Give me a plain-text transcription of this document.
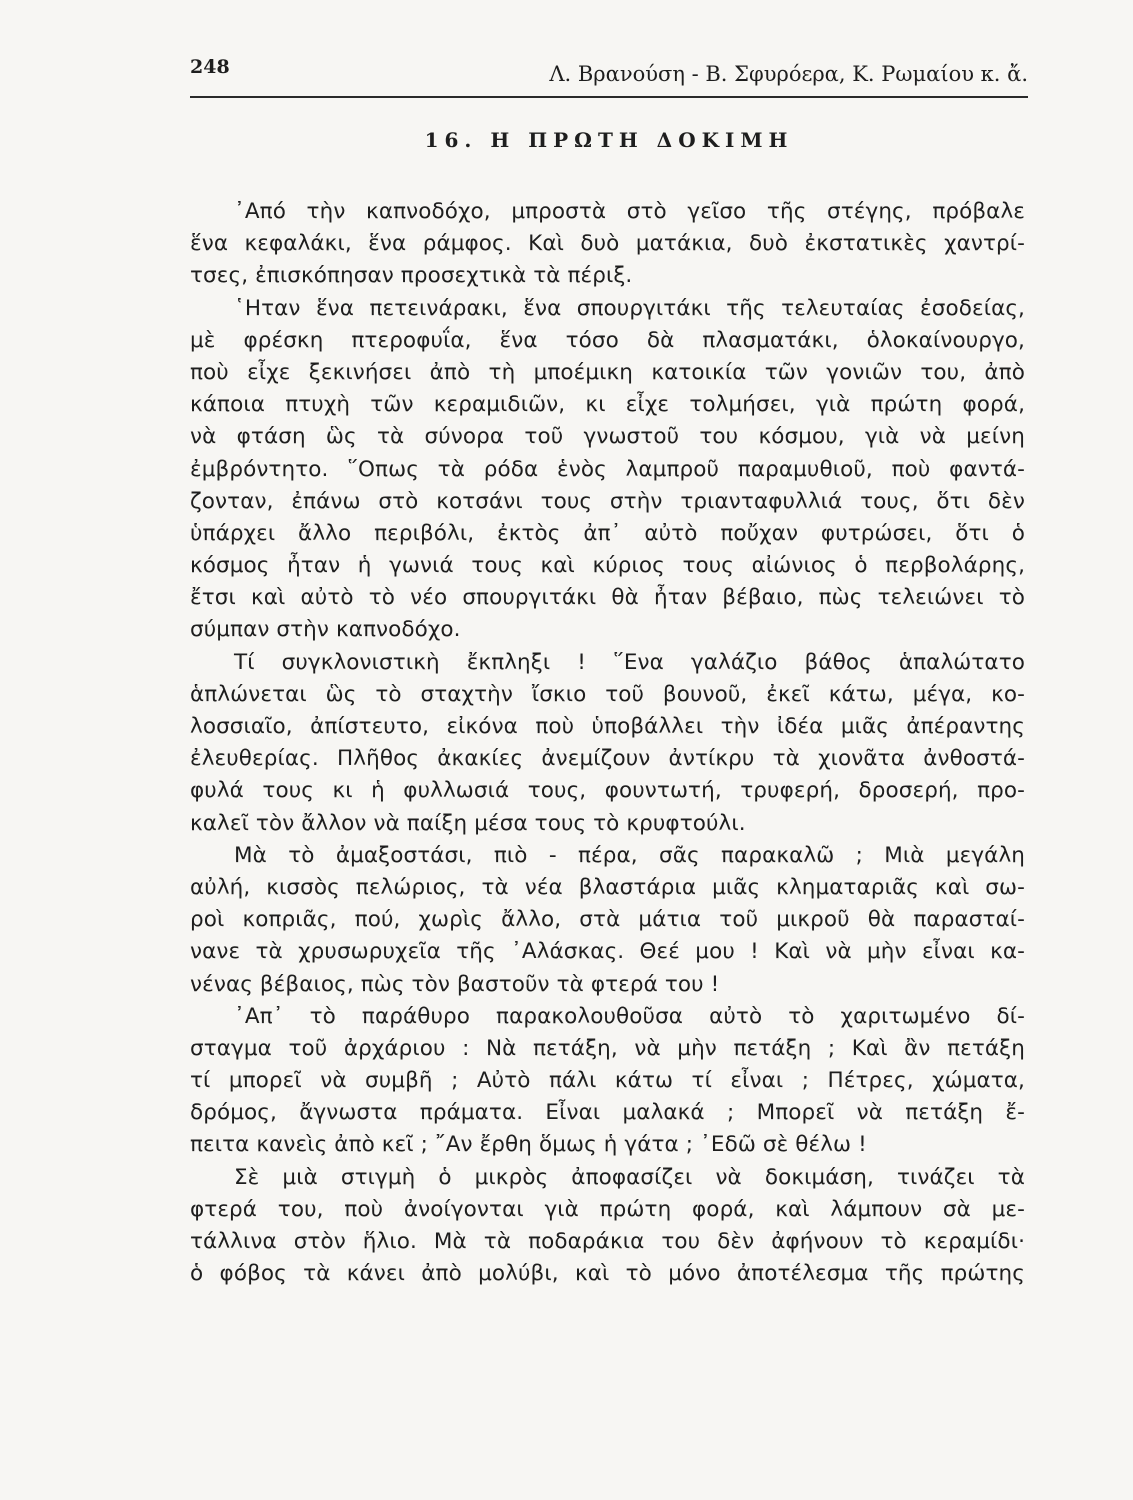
248	Λ. Βρανούση - Β. Σφυρόερα, Κ. Ρωμαίου κ. ἄ.
16. Η ΠΡΩΤΗ ΔΟΚΙΜΗ
᾿Από τὴν καπνοδόχο, μπροστὰ στὸ γεῖσο τῆς στέγης, πρόβαλε
ἕνα κεφαλάκι, ἕνα ράμφος. Καὶ δυὸ ματάκια, δυὸ ἐκστατικὲς χαντρί-
τσες, ἐπισκόπησαν προσεχτικὰ τὰ πέριξ.
῾Ηταν ἕνα πετεινάρακι, ἕνα σπουργιτάκι τῆς τελευταίας ἐσοδείας,
μὲ φρέσκη πτεροφυΐα, ἕνα τόσο δὰ πλασματάκι, ὁλοκαίνουργο,
ποὺ εἶχε ξεκινήσει ἀπὸ τὴ μποέμικη κατοικία τῶν γονιῶν του, ἀπὸ
κάποια πτυχὴ τῶν κεραμιδιῶν, κι εἶχε τολμήσει, γιὰ πρώτη φορά,
νὰ φτάση ὣς τὰ σύνορα τοῦ γνωστοῦ του κόσμου, γιὰ νὰ μείνη
ἐμβρόντητο. ῞Οπως τὰ ρόδα ἑνὸς λαμπροῦ παραμυθιοῦ, ποὺ φαντά-
ζονταν, ἐπάνω στὸ κοτσάνι τους στὴν τριανταφυλλιά τους, ὅτι δὲν
ὑπάρχει ἄλλο περιβόλι, ἐκτὸς ἀπ᾿ αὐτὸ ποὔχαν φυτρώσει, ὅτι ὁ
κόσμος ἦταν ἡ γωνιά τους καὶ κύριος τους αἰώνιος ὁ περβολάρης,
ἔτσι καὶ αὐτὸ τὸ νέο σπουργιτάκι θὰ ἦταν βέβαιο, πὼς τελειώνει τὸ
σύμπαν στὴν καπνοδόχο.
Τί συγκλονιστικὴ ἔκπληξι ! ῞Ενα γαλάζιο βάθος ἁπαλώτατο
ἁπλώνεται ὣς τὸ σταχτὴν ἴσκιο τοῦ βουνοῦ, ἐκεῖ κάτω, μέγα, κο-
λοσσιαῖο, ἀπίστευτο, εἰκόνα ποὺ ὑποβάλλει τὴν ἰδέα μιᾶς ἀπέραντης
ἐλευθερίας. Πλῆθος ἀκακίες ἀνεμίζουν ἀντίκρυ τὰ χιονᾶτα ἀνθοστά-
φυλά τους κι ἡ φυλλωσιά τους, φουντωτή, τρυφερή, δροσερή, προ-
καλεῖ τὸν ἄλλον νὰ παίξη μέσα τους τὸ κρυφτούλι.
Μὰ τὸ ἀμαξοστάσι, πιὸ - πέρα, σᾶς παρακαλῶ ; Μιὰ μεγάλη
αὐλή, κισσὸς πελώριος, τὰ νέα βλαστάρια μιᾶς κληματαριᾶς καὶ σω-
ροὶ κοπριᾶς, πού, χωρὶς ἄλλο, στὰ μάτια τοῦ μικροῦ θὰ παρασταί-
νανε τὰ χρυσωρυχεῖα τῆς ᾿Αλάσκας. Θεέ μου ! Καὶ νὰ μὴν εἶναι κα-
νένας βέβαιος, πὼς τὸν βαστοῦν τὰ φτερά του !
᾿Απ᾿ τὸ παράθυρο παρακολουθοῦσα αὐτὸ τὸ χαριτωμένο δί-
σταγμα τοῦ ἀρχάριου : Νὰ πετάξη, νὰ μὴν πετάξη ; Καὶ ἂν πετάξη
τί μπορεῖ νὰ συμβῆ ; Αὐτὸ πάλι κάτω τί εἶναι ; Πέτρες, χώματα,
δρόμος, ἄγνωστα πράματα. Εἶναι μαλακά ; Μπορεῖ νὰ πετάξη ἔ-
πειτα κανεὶς ἀπὸ κεῖ ; ῎Αν ἔρθη ὅμως ἡ γάτα ; ᾿Εδῶ σὲ θέλω !
Σὲ μιὰ στιγμὴ ὁ μικρὸς ἀποφασίζει νὰ δοκιμάση, τινάζει τὰ
φτερά του, ποὺ ἀνοίγονται γιὰ πρώτη φορά, καὶ λάμπουν σὰ με-
τάλλινα στὸν ἥλιο. Μὰ τὰ ποδαράκια του δὲν ἀφήνουν τὸ κεραμίδι·
ὁ φόβος τὰ κάνει ἀπὸ μολύβι, καὶ τὸ μόνο ἀποτέλεσμα τῆς πρώτης
